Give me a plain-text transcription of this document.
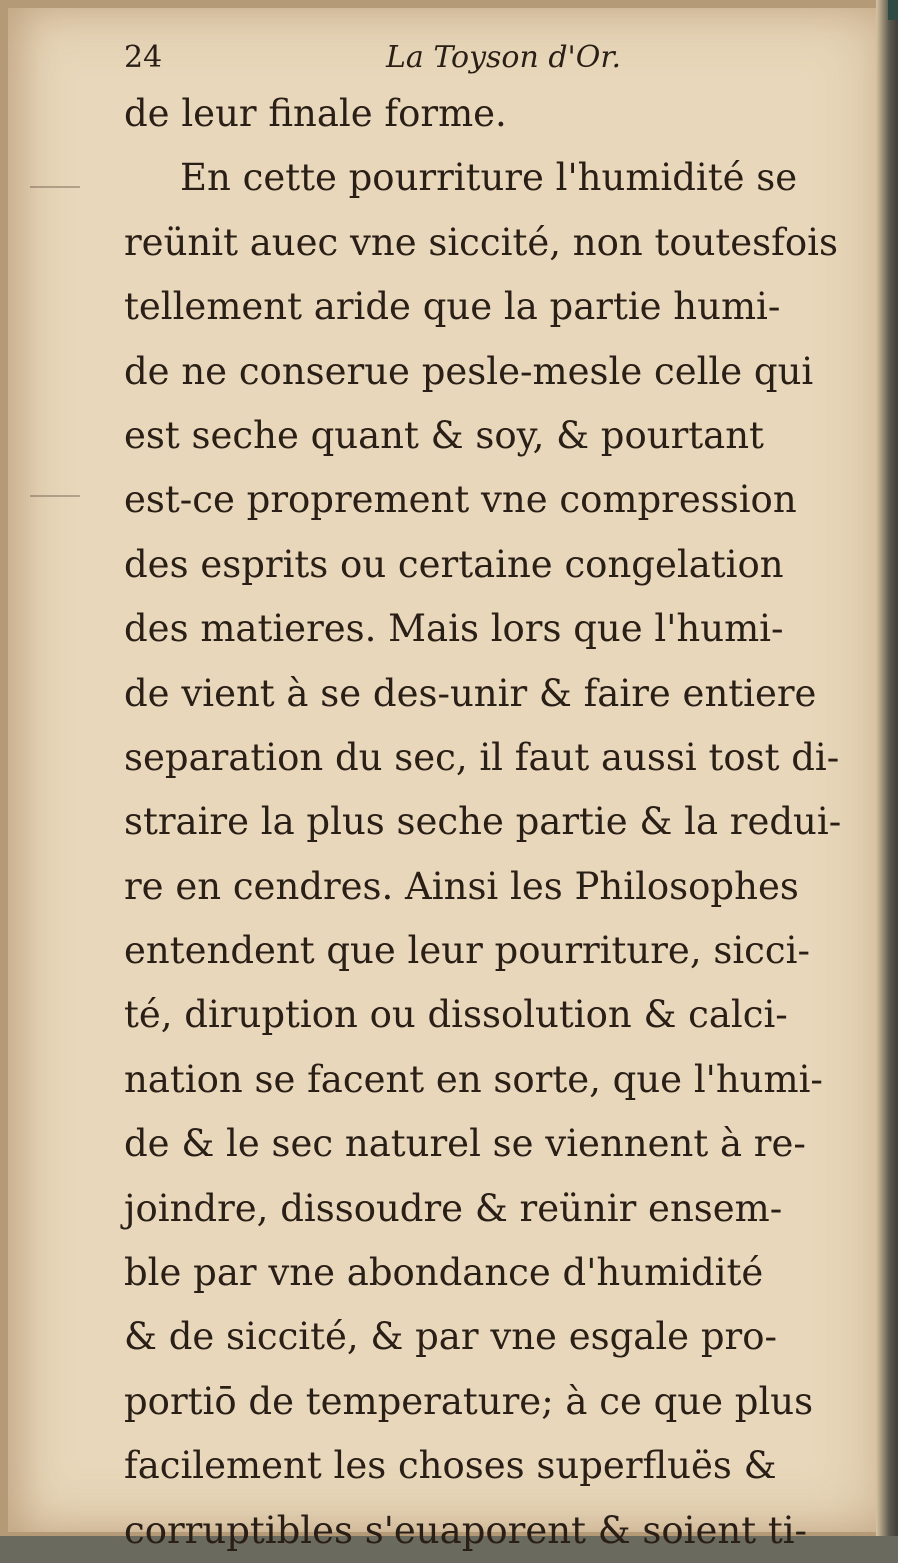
24	La Toyson d'Or.
de leur finale forme.
En cette pourriture l'humidité se
reünit auec vne siccité, non toutesfois
tellement aride que la partie humi-
de ne conserue pesle-mesle celle qui
est seche quant & soy, & pourtant
est-ce proprement vne compression
des esprits ou certaine congelation
des matieres. Mais lors que l'humi-
de vient à se des-unir & faire entiere
separation du sec, il faut aussi tost di-
straire la plus seche partie & la redui-
re en cendres. Ainsi les Philosophes
entendent que leur pourriture, sicci-
té, diruption ou dissolution & calci-
nation se facent en sorte, que l'humi-
de & le sec naturel se viennent à re-
joindre, dissoudre & reünir ensem-
ble par vne abondance d'humidité
& de siccité, & par vne esgale pro-
portiō de temperature; à ce que plus
facilement les choses superfluës &
corruptibles s'euaporent & soient ti-
